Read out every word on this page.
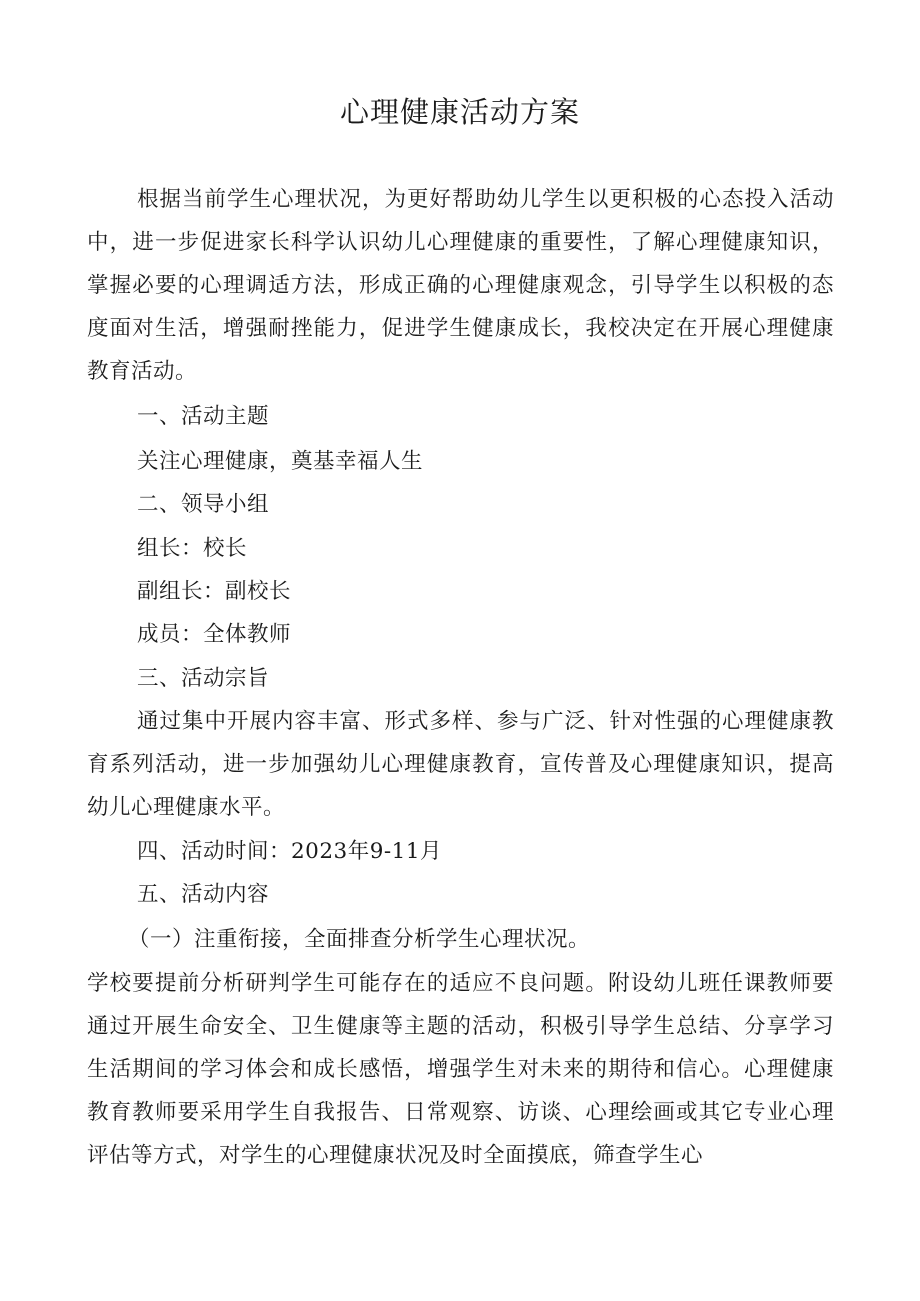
心理健康活动方案
根据当前学生心理状况，为更好帮助幼儿学生以更积极的心态投入活动中，进一步促进家长科学认识幼儿心理健康的重要性，了解心理健康知识，掌握必要的心理调适方法，形成正确的心理健康观念，引导学生以积极的态度面对生活，增强耐挫能力，促进学生健康成长，我校决定在开展心理健康教育活动。
一、活动主题
关注心理健康，奠基幸福人生
二、领导小组
组长：校长
副组长：副校长
成员：全体教师
三、活动宗旨
通过集中开展内容丰富、形式多样、参与广泛、针对性强的心理健康教育系列活动，进一步加强幼儿心理健康教育，宣传普及心理健康知识，提高幼儿心理健康水平。
四、活动时间：2023年9-11月
五、活动内容
（一）注重衔接，全面排查分析学生心理状况。
学校要提前分析研判学生可能存在的适应不良问题。附设幼儿班任课教师要通过开展生命安全、卫生健康等主题的活动，积极引导学生总结、分享学习生活期间的学习体会和成长感悟，增强学生对未来的期待和信心。心理健康教育教师要采用学生自我报告、日常观察、访谈、心理绘画或其它专业心理评估等方式，对学生的心理健康状况及时全面摸底，筛查学生心
